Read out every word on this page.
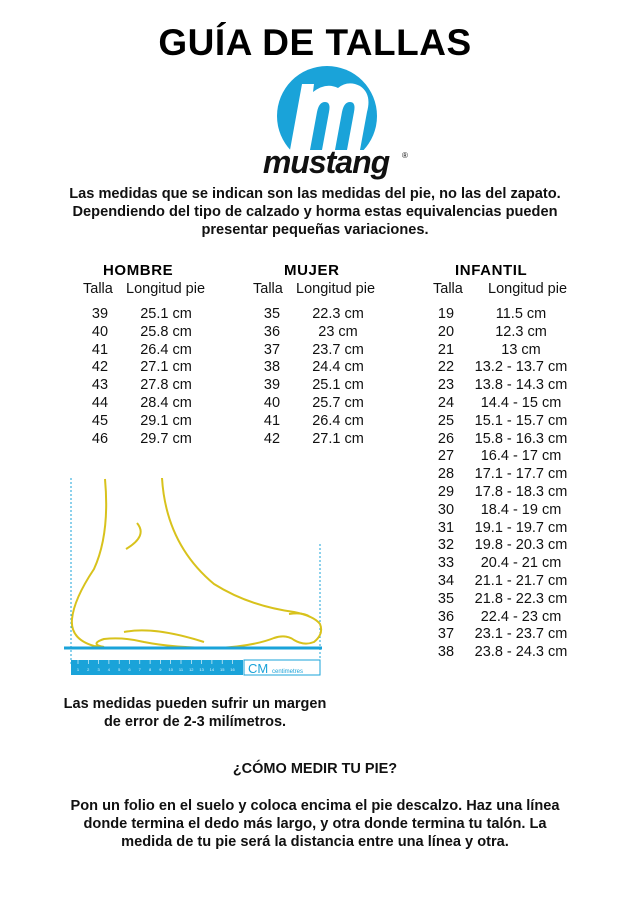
GUÍA DE TALLAS
mustang ®
Las medidas que se indican son las medidas del pie, no las del zapato.
Dependiendo del tipo de calzado y horma estas equivalencias pueden
presentar pequeñas variaciones.
HOMBRE
Talla Longitud pie
39	25.1 cm
40	25.8 cm
41	26.4 cm
42	27.1 cm
43	27.8 cm
44	28.4 cm
45	29.1 cm
46	29.7 cm
MUJER
Talla Longitud pie
35	22.3 cm
36	23 cm
37	23.7 cm
38	24.4 cm
39	25.1 cm
40	25.7 cm
41	26.4 cm
42	27.1 cm
INFANTIL
Talla Longitud pie
19	11.5 cm
20	12.3 cm
21	13 cm
22	13.2 - 13.7 cm
23	13.8 - 14.3 cm
24	14.4 - 15 cm
25	15.1 - 15.7 cm
26	15.8 - 16.3 cm
27	16.4 - 17 cm
28	17.1 - 17.7 cm
29	17.8 - 18.3 cm
30	18.4 - 19 cm
31	19.1 - 19.7 cm
32	19.8 - 20.3 cm
33	20.4 - 21 cm
34	21.1 - 21.7 cm
35	21.8 - 22.3 cm
36	22.4 - 23 cm
37	23.1 - 23.7 cm
38	23.8 - 24.3 cm
1 2 3 4 5 6 7 8 9 10 11 12 13 14 15 16 CM centimetres
Las medidas pueden sufrir un margen
de error de 2-3 milímetros.
¿CÓMO MEDIR TU PIE?
Pon un folio en el suelo y coloca encima el pie descalzo. Haz una línea
donde termina el dedo más largo, y otra donde termina tu talón. La
medida de tu pie será la distancia entre una línea y otra.
